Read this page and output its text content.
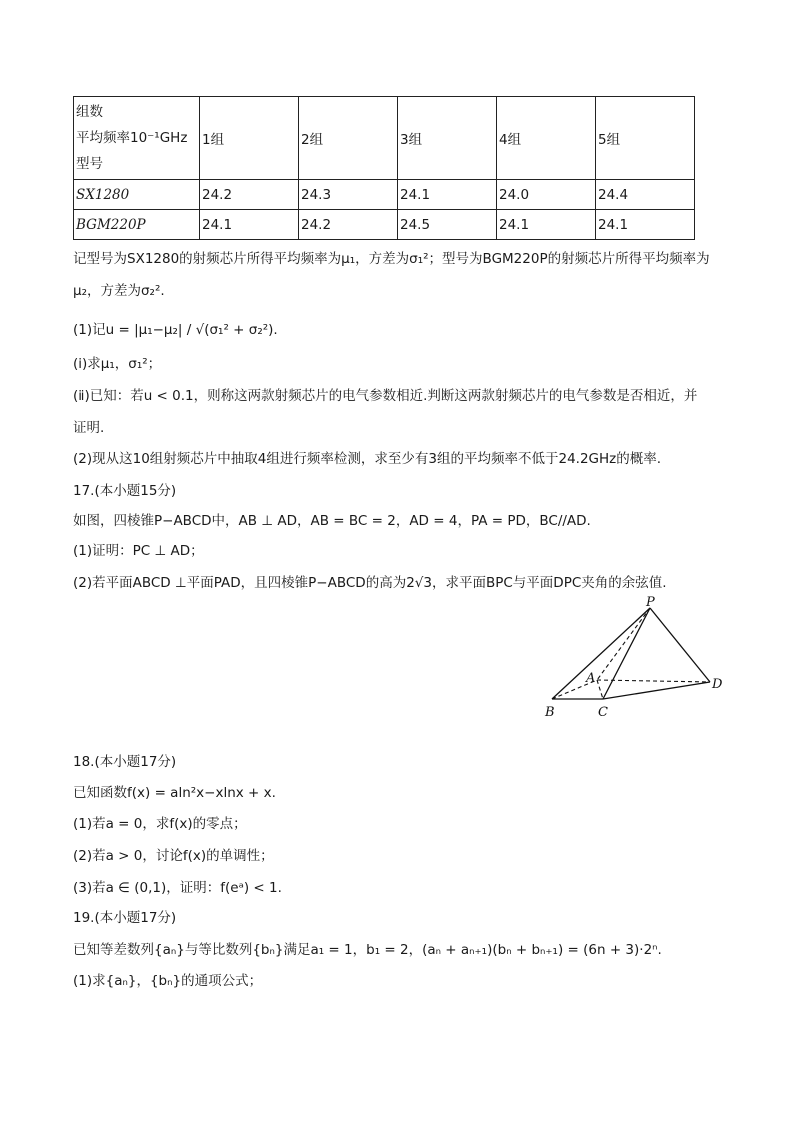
组数
平均频率10⁻¹GHz
型号	1组	2组	3组	4组	5组
SX1280	24.2	24.3	24.1	24.0	24.4
BGM220P	24.1	24.2	24.5	24.1	24.1
记型号为SX1280的射频芯片所得平均频率为μ₁，方差为σ₁²；型号为BGM220P的射频芯片所得平均频率为
μ₂，方差为σ₂².
(1)记u = |μ₁−μ₂| / √(σ₁² + σ₂²).
(ⅰ)求μ₁，σ₁²；
(ⅱ)已知：若u < 0.1，则称这两款射频芯片的电气参数相近.判断这两款射频芯片的电气参数是否相近，并
证明.
(2)现从这10组射频芯片中抽取4组进行频率检测，求至少有3组的平均频率不低于24.2GHz的概率.
17.(本小题15分)
如图，四棱锥P−ABCD中，AB ⊥ AD，AB = BC = 2，AD = 4，PA = PD，BC//AD.
(1)证明：PC ⊥ AD；
(2)若平面ABCD ⊥平面PAD，且四棱锥P−ABCD的高为2√3，求平面BPC与平面DPC夹角的余弦值.
P
A
B	C
D
18.(本小题17分)
已知函数f(x) = aln²x−xlnx + x.
(1)若a = 0，求f(x)的零点；
(2)若a > 0，讨论f(x)的单调性；
(3)若a ∈ (0,1)，证明：f(eᵃ) < 1.
19.(本小题17分)
已知等差数列{aₙ}与等比数列{bₙ}满足a₁ = 1，b₁ = 2，(aₙ + aₙ₊₁)(bₙ + bₙ₊₁) = (6n + 3)·2ⁿ.
(1)求{aₙ}，{bₙ}的通项公式；
